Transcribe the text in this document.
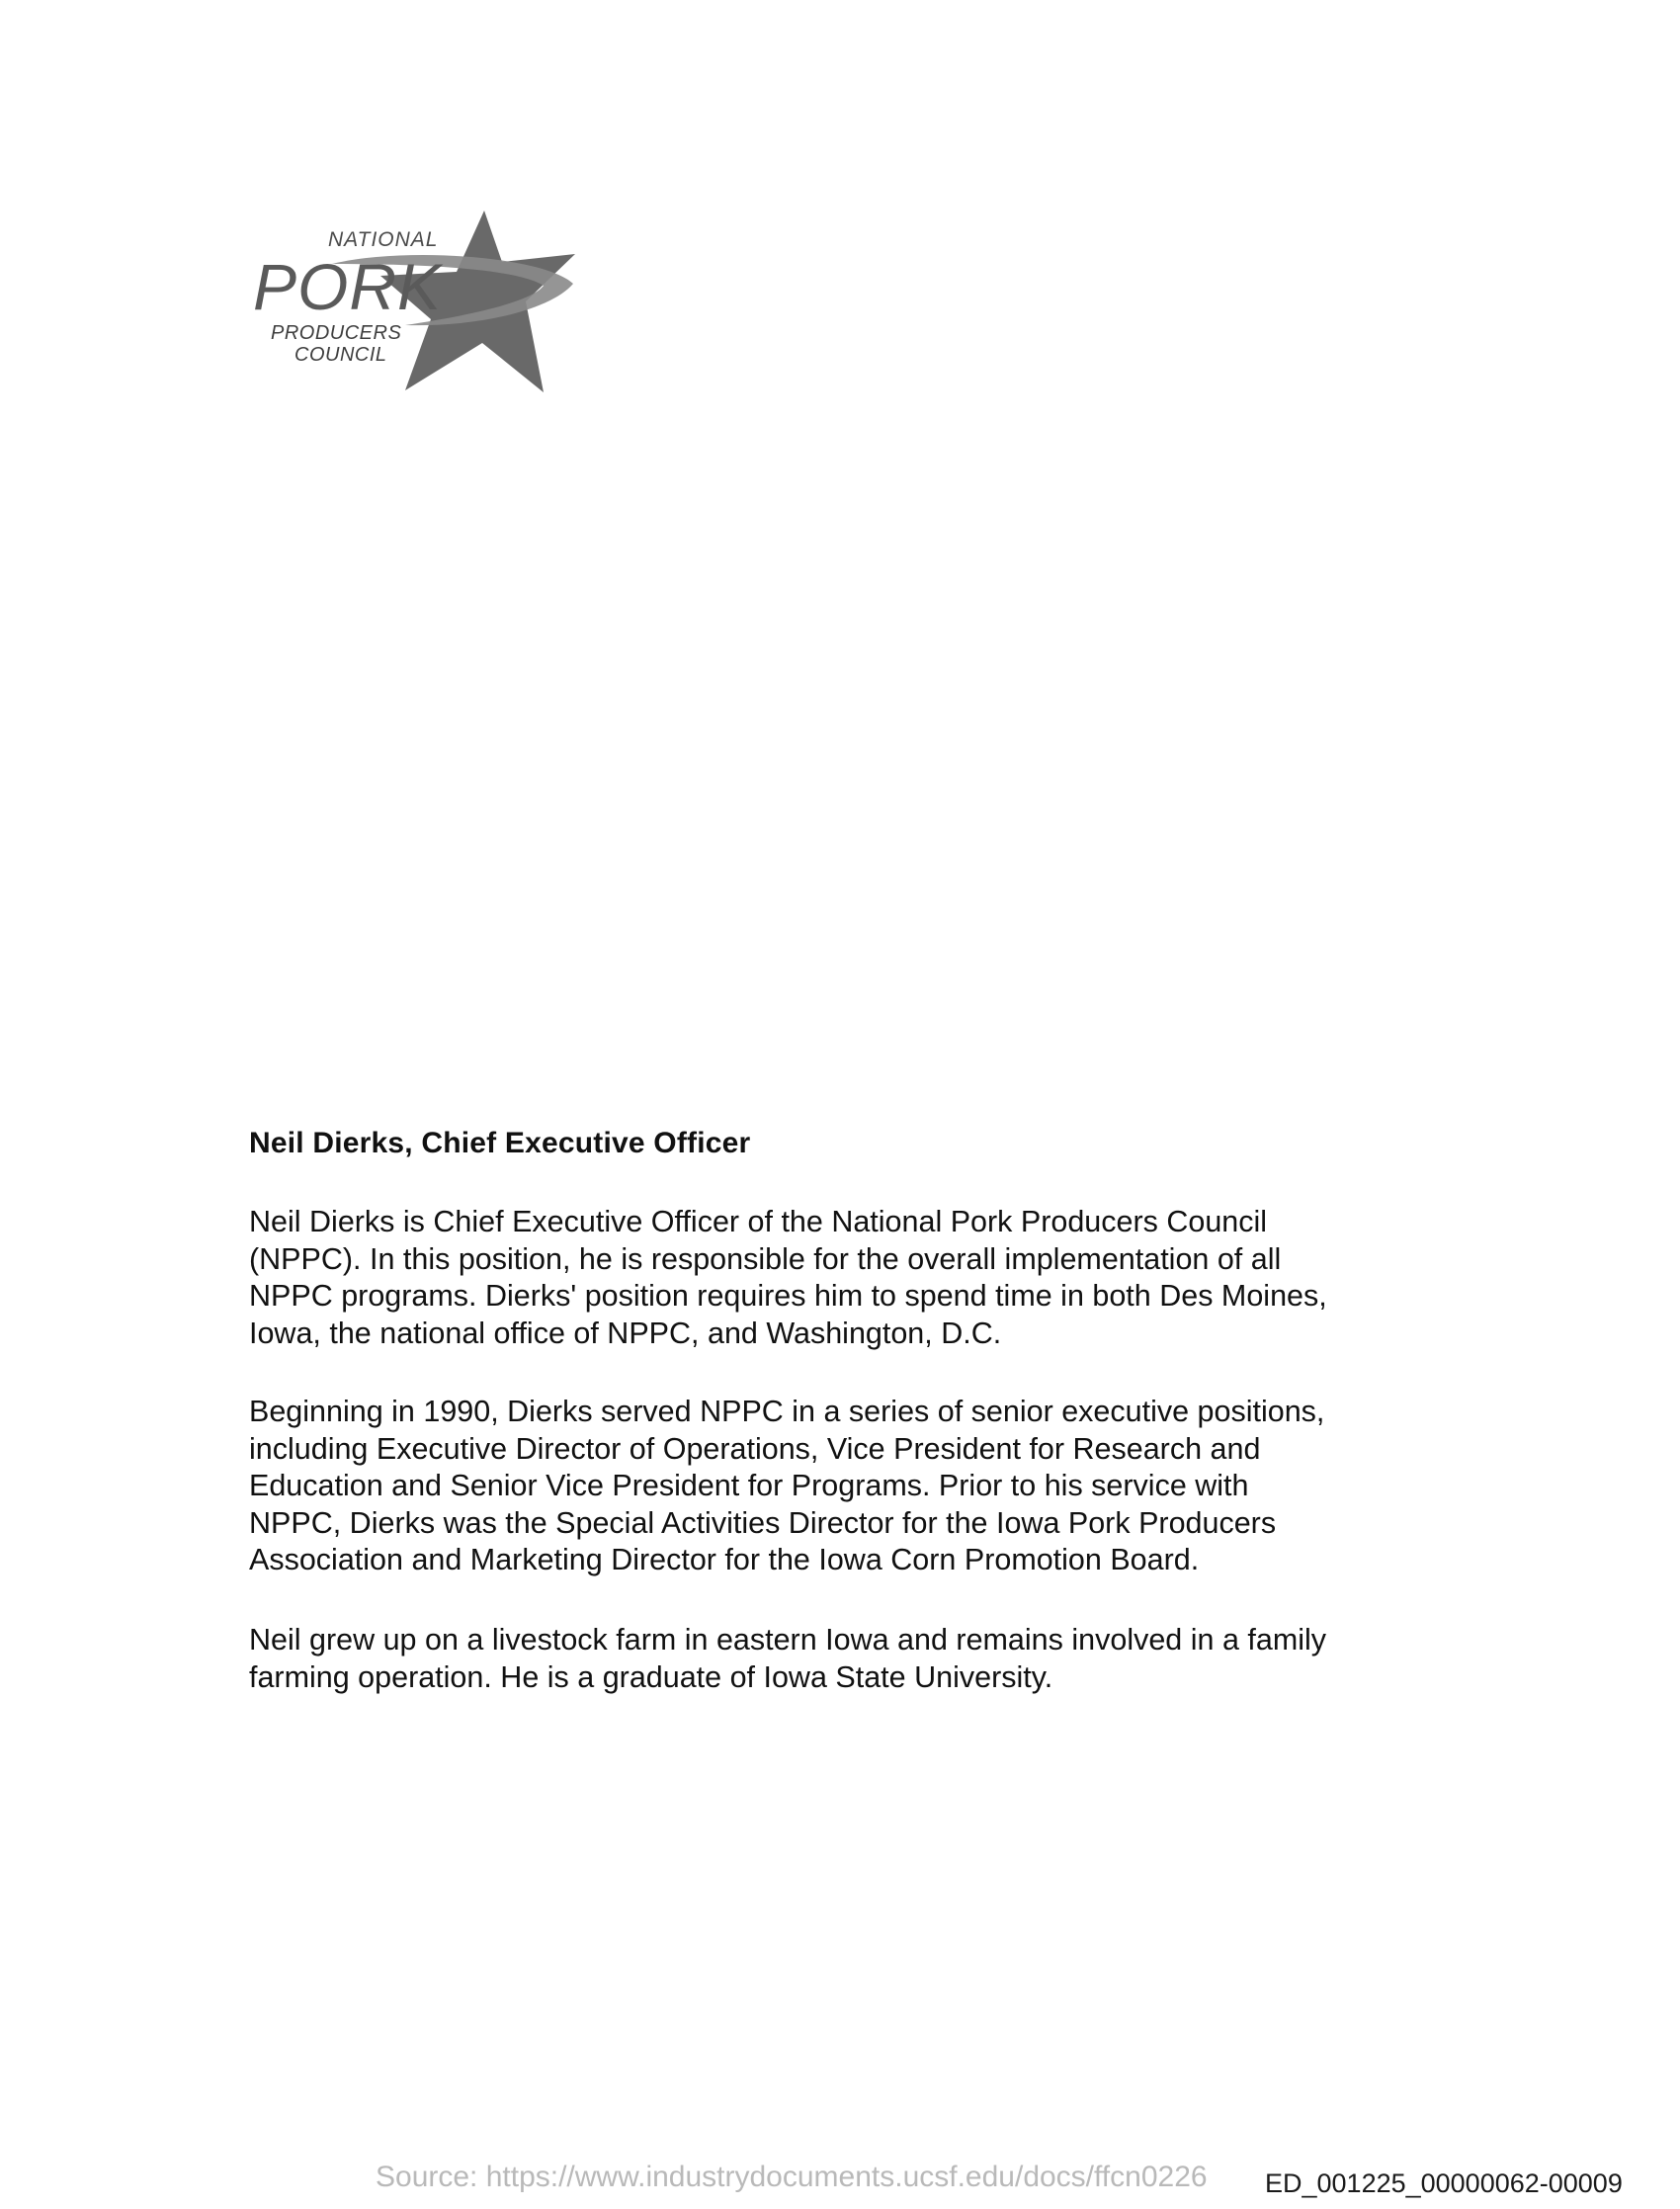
NATIONAL
PORK
PRODUCERS
COUNCIL
Neil Dierks, Chief Executive Officer

Neil Dierks is Chief Executive Officer of the National Pork Producers Council
(NPPC). In this position, he is responsible for the overall implementation of all
NPPC programs. Dierks' position requires him to spend time in both Des Moines,
Iowa, the national office of NPPC, and Washington, D.C.

Beginning in 1990, Dierks served NPPC in a series of senior executive positions,
including Executive Director of Operations, Vice President for Research and
Education and Senior Vice President for Programs. Prior to his service with
NPPC, Dierks was the Special Activities Director for the Iowa Pork Producers
Association and Marketing Director for the Iowa Corn Promotion Board.

Neil grew up on a livestock farm in eastern Iowa and remains involved in a family
farming operation. He is a graduate of Iowa State University.

Source: https://www.industrydocuments.ucsf.edu/docs/ffcn0226 ED_001225_00000062-00009
